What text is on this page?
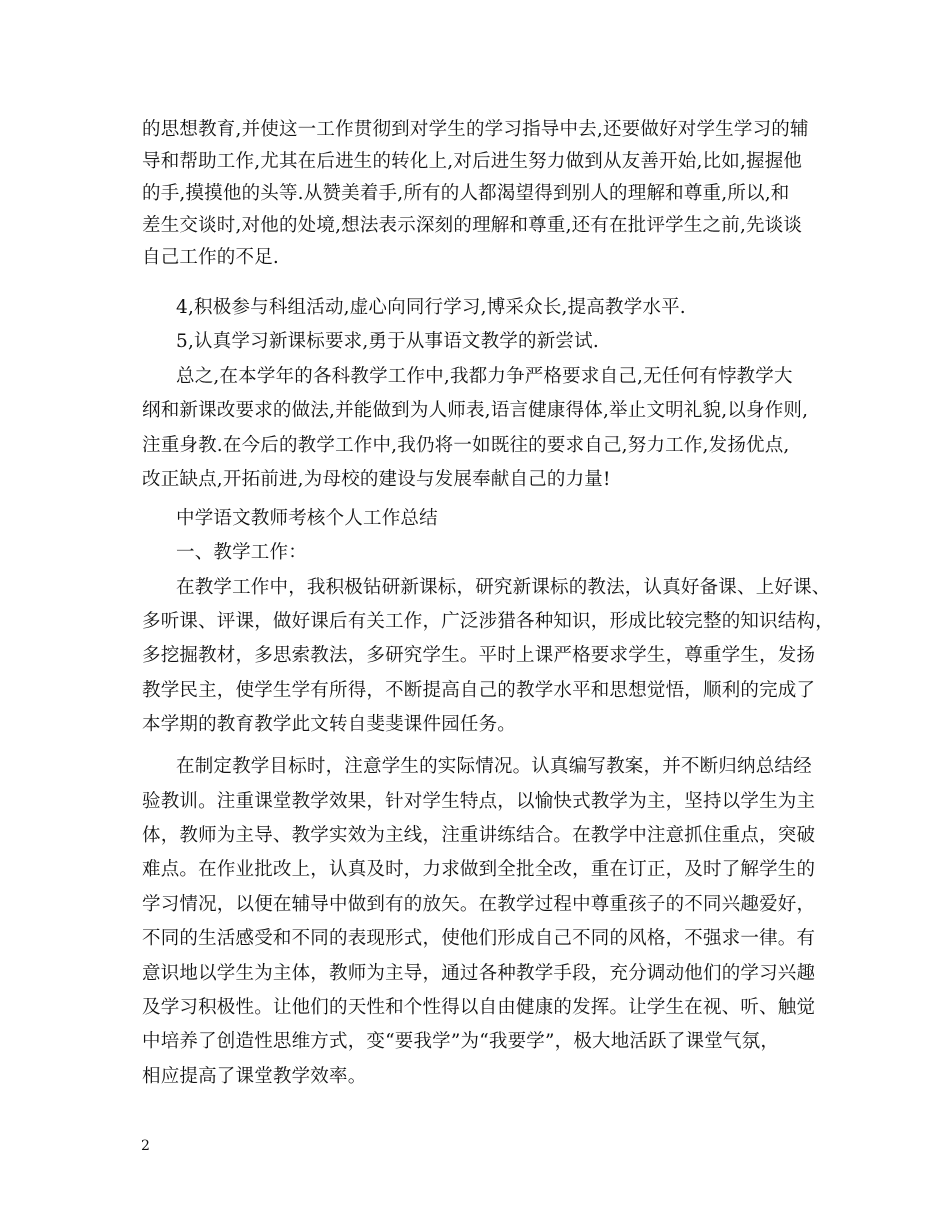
的思想教育,并使这一工作贯彻到对学生的学习指导中去,还要做好对学生学习的辅
导和帮助工作,尤其在后进生的转化上,对后进生努力做到从友善开始,比如,握握他
的手,摸摸他的头等.从赞美着手,所有的人都渴望得到别人的理解和尊重,所以,和
差生交谈时,对他的处境,想法表示深刻的理解和尊重,还有在批评学生之前,先谈谈
自己工作的不足.
4,积极参与科组活动,虚心向同行学习,博采众长,提高教学水平.
5,认真学习新课标要求,勇于从事语文教学的新尝试.
总之,在本学年的各科教学工作中,我都力争严格要求自己,无任何有悖教学大
纲和新课改要求的做法,并能做到为人师表,语言健康得体,举止文明礼貌,以身作则,
注重身教.在今后的教学工作中,我仍将一如既往的要求自己,努力工作,发扬优点,
改正缺点,开拓前进,为母校的建设与发展奉献自己的力量!
中学语文教师考核个人工作总结
一、教学工作：
在教学工作中，我积极钻研新课标，研究新课标的教法，认真好备课、上好课、
多听课、评课，做好课后有关工作，广泛涉猎各种知识，形成比较完整的知识结构，
多挖掘教材，多思索教法，多研究学生。平时上课严格要求学生，尊重学生，发扬
教学民主，使学生学有所得，不断提高自己的教学水平和思想觉悟，顺利的完成了
本学期的教育教学此文转自斐斐课件园任务。
在制定教学目标时，注意学生的实际情况。认真编写教案，并不断归纳总结经
验教训。注重课堂教学效果，针对学生特点，以愉快式教学为主，坚持以学生为主
体，教师为主导、教学实效为主线，注重讲练结合。在教学中注意抓住重点，突破
难点。在作业批改上，认真及时，力求做到全批全改，重在订正，及时了解学生的
学习情况，以便在辅导中做到有的放矢。在教学过程中尊重孩子的不同兴趣爱好，
不同的生活感受和不同的表现形式，使他们形成自己不同的风格，不强求一律。有
意识地以学生为主体，教师为主导，通过各种教学手段，充分调动他们的学习兴趣
及学习积极性。让他们的天性和个性得以自由健康的发挥。让学生在视、听、触觉
中培养了创造性思维方式，变“要我学”为“我要学”，极大地活跃了课堂气氛，
相应提高了课堂教学效率。
2
